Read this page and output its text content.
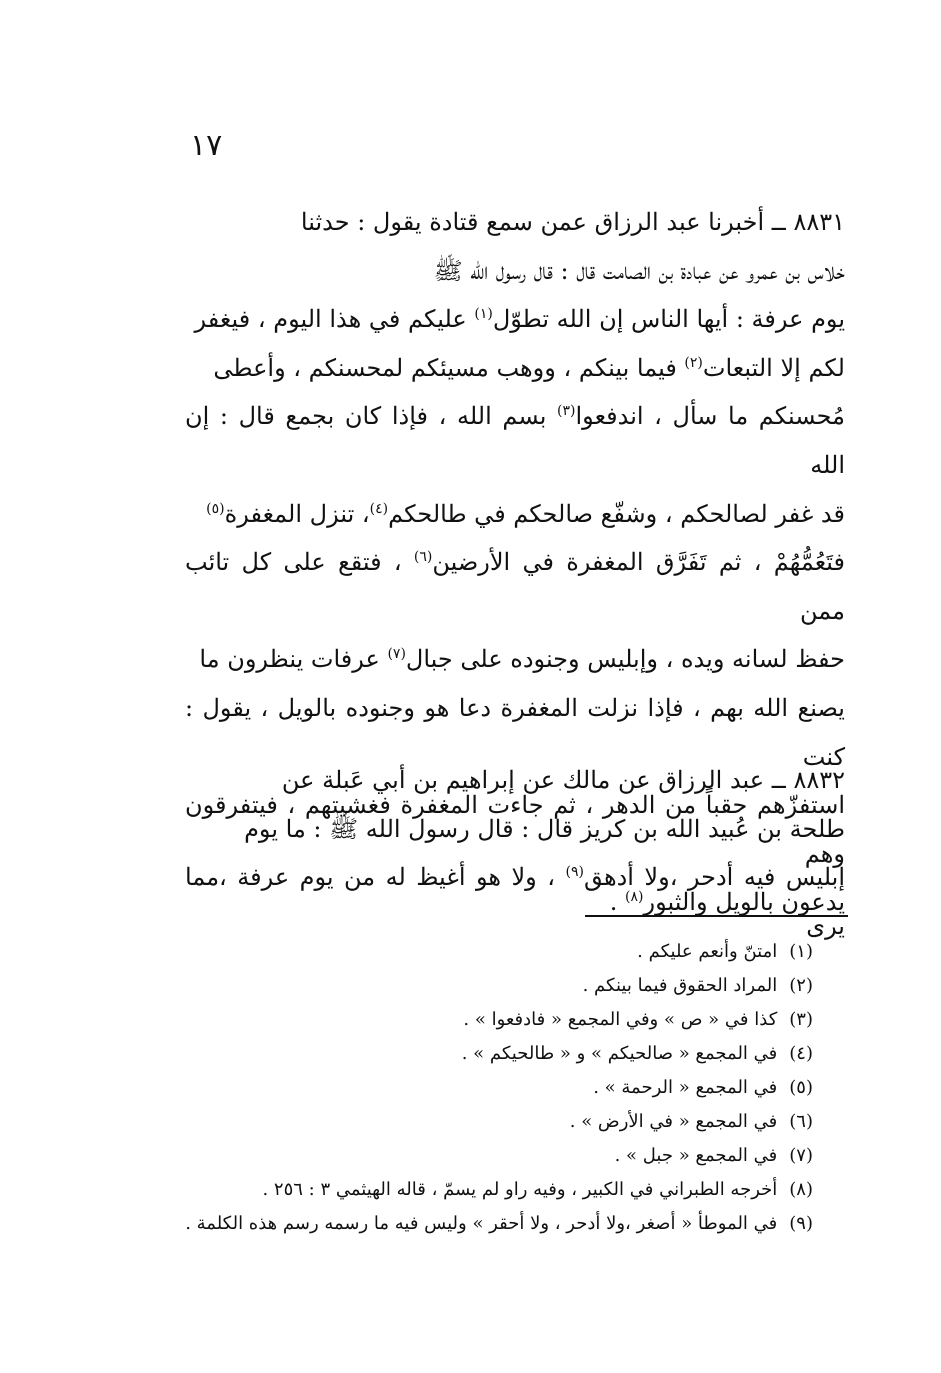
١٧

٨٨٣١ ــ أخبرنا عبد الرزاق عمن سمع قتادة يقول : حدثنا

خلاس بن عمرو عن عبادة بن الصامت قال : قال رسول الله ﷺ

يوم عرفة : أيها الناس إن الله تطوّل$^{(١)}$ عليكم في هذا اليوم ، فيغفر

لكم إلا التبعات$^{(٢)}$ فيما بينكم ، ووهب مسيئكم لمحسنكم ، وأعطى

مُحسنكم ما سأل ، اندفعوا$^{(٣)}$ بسم الله ، فإذا كان بجمع قال : إن الله

قد غفر لصالحكم ، وشفّع صالحكم في طالحكم$^{(٤)}$، تنزل المغفرة$^{(٥)}$

فتَعُمُّهُمْ ، ثم تَفَرَّق المغفرة في الأرضين$^{(٦)}$ ، فتقع على كل تائب ممن

حفظ لسانه ويده ، وإبليس وجنوده على جبال$^{(٧)}$ عرفات ينظرون ما

يصنع الله بهم ، فإذا نزلت المغفرة دعا هو وجنوده بالويل ، يقول : كنت

استفزّهم حقباً من الدهر ، ثم جاءت المغفرة فغشيتهم ، فيتفرقون وهم

يدعون بالويل والثبور$^{(٨)}$ .

٨٨٣٢ ــ عبد الرزاق عن مالك عن إبراهيم بن أبي عَبلة عن

طلحة بن عُبيد الله بن كريز قال : قال رسول الله ﷺ : ما يوم

إبليس فيه أدحر ،ولا أدهق$^{(٩)}$ ، ولا هو أغيظ له من يوم عرفة ،مما يرى

(١)امتنّ وأنعم عليكم .
(٢)المراد الحقوق فيما بينكم .
(٣)كذا في « ص » وفي المجمع « فادفعوا » .
(٤)في المجمع « صالحيكم » و « طالحيكم » .
(٥)في المجمع « الرحمة » .
(٦)في المجمع « في الأرض » .
(٧)في المجمع « جبل » .
(٨)أخرجه الطبراني في الكبير ، وفيه راو لم يسمّ ، قاله الهيثمي ٣ : ٢٥٦ .
(٩)في الموطأ « أصغر ،ولا أدحر ، ولا أحقر » وليس فيه ما رسمه رسم هذه الكلمة .
